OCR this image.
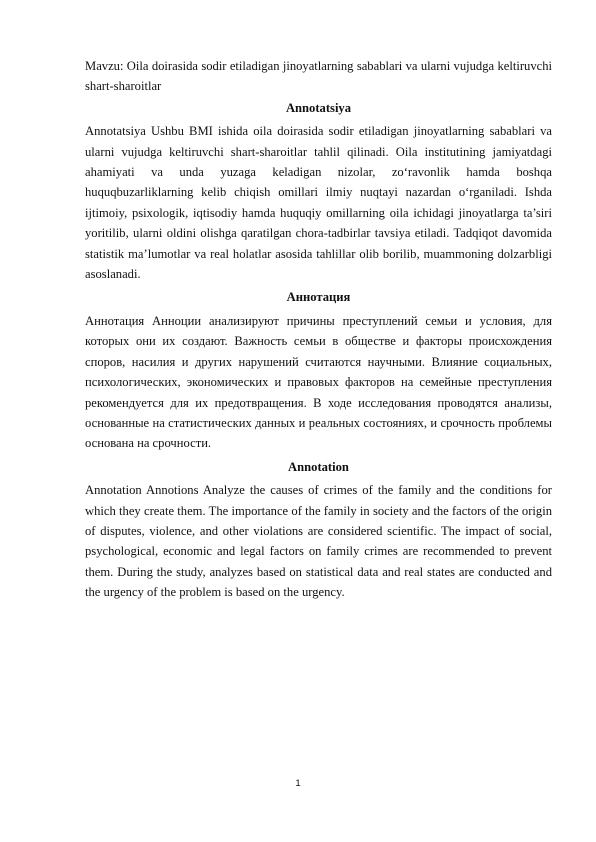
Mavzu: Oila doirasida sodir etiladigan jinoyatlarning sabablari va ularni vujudga keltiruvchi shart-sharoitlar

Annotatsiya

Annotatsiya Ushbu BMI ishida oila doirasida sodir etiladigan jinoyatlarning sabablari va ularni vujudga keltiruvchi shart-sharoitlar tahlil qilinadi. Oila institutining jamiyatdagi ahamiyati va unda yuzaga keladigan nizolar, zo‘ravonlik hamda boshqa huquqbuzarliklarning kelib chiqish omillari ilmiy nuqtayi nazardan o‘rganiladi. Ishda ijtimoiy, psixologik, iqtisodiy hamda huquqiy omillarning oila ichidagi jinoyatlarga ta’siri yoritilib, ularni oldini olishga qaratilgan chora-tadbirlar tavsiya etiladi. Tadqiqot davomida statistik ma’lumotlar va real holatlar asosida tahlillar olib borilib, muammoning dolzarbligi asoslanadi.

Аннотация

Аннотация Анноции анализируют причины преступлений семьи и условия, для которых они их создают. Важность семьи в обществе и факторы происхождения споров, насилия и других нарушений считаются научными. Влияние социальных, психологических, экономических и правовых факторов на семейные преступления рекомендуется для их предотвращения. В ходе исследования проводятся анализы, основанные на статистических данных и реальных состояниях, и срочность проблемы основана на срочности.

Annotation

Annotation Annotions Analyze the causes of crimes of the family and the conditions for which they create them. The importance of the family in society and the factors of the origin of disputes, violence, and other violations are considered scientific. The impact of social, psychological, economic and legal factors on family crimes are recommended to prevent them. During the study, analyzes based on statistical data and real states are conducted and the urgency of the problem is based on the urgency.

1
